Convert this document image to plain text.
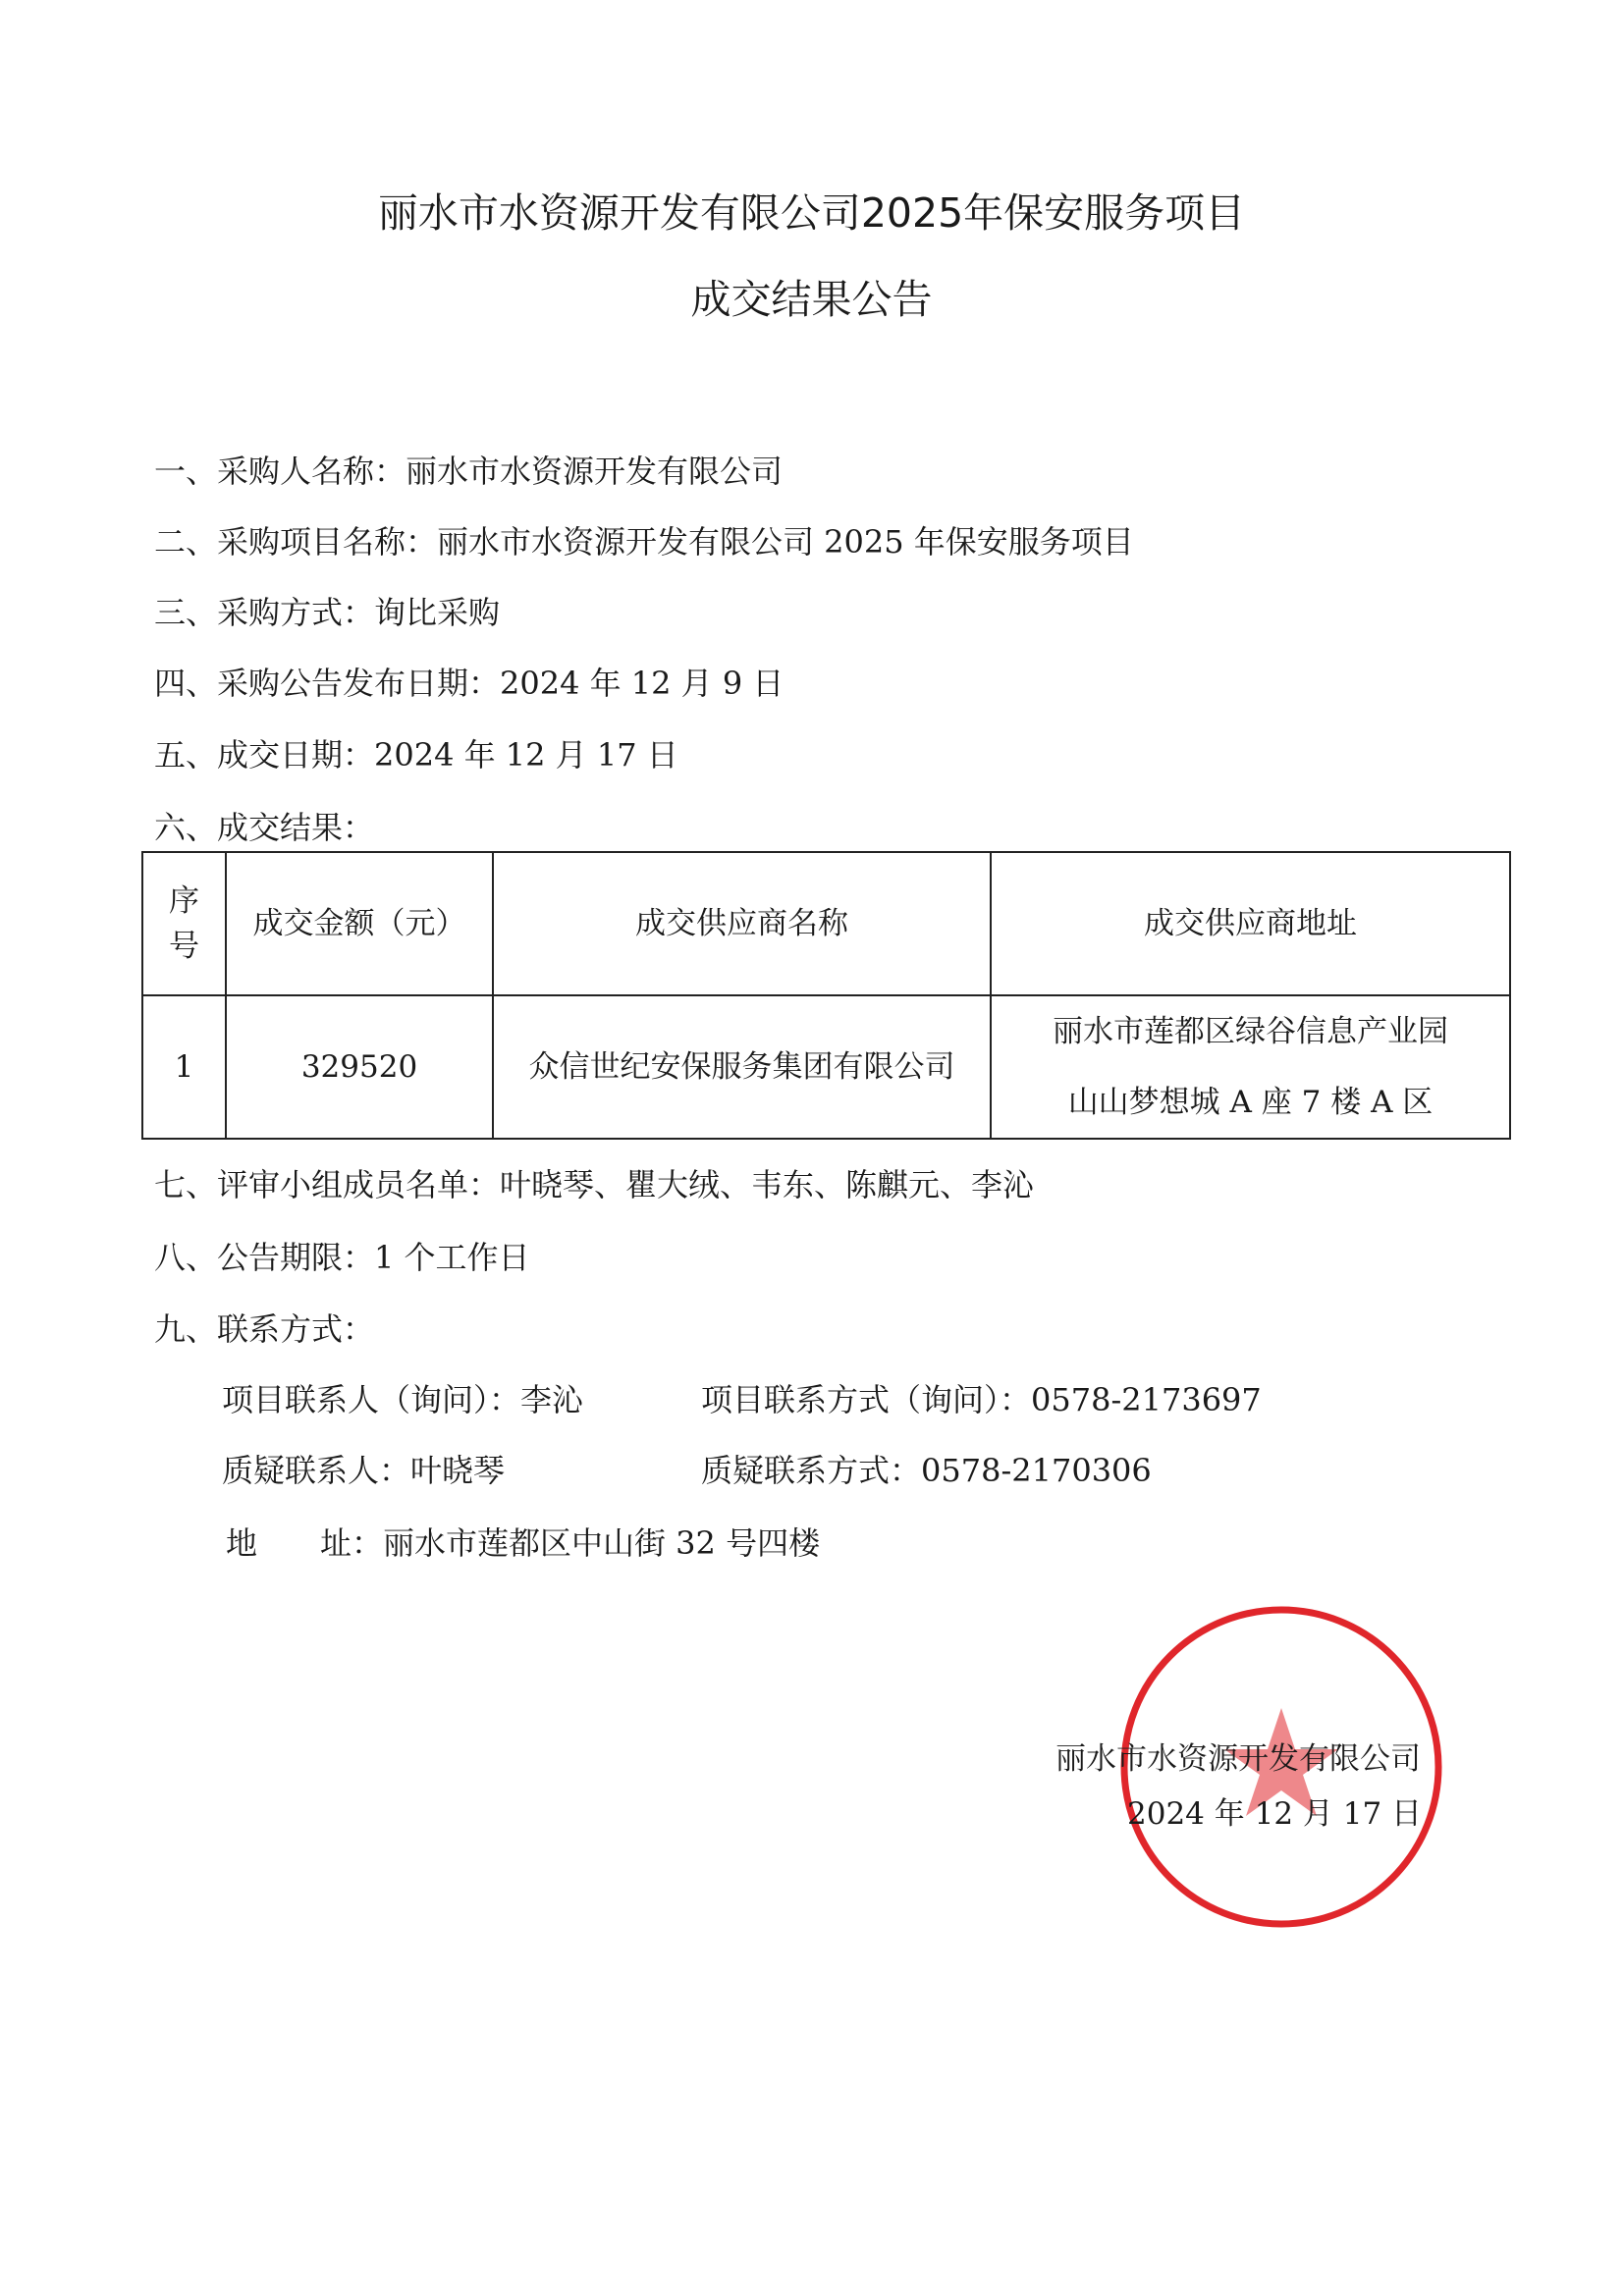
丽水市水资源开发有限公司2025年保安服务项目
成交结果公告
一、采购人名称：丽水市水资源开发有限公司
二、采购项目名称：丽水市水资源开发有限公司 2025 年保安服务项目
三、采购方式：询比采购
四、采购公告发布日期：2024 年 12 月 9 日
五、成交日期：2024 年 12 月 17 日
六、成交结果：
序
号	成交金额（元）	成交供应商名称	成交供应商地址
1	329520	众信世纪安保服务集团有限公司	丽水市莲都区绿谷信息产业园
山山梦想城 A 座 7 楼 A 区
七、评审小组成员名单：叶晓琴、瞿大绒、韦东、陈麒元、李沁
八、公告期限：1 个工作日
九、联系方式：
项目联系人（询问）：李沁	项目联系方式（询问）：0578-2173697
质疑联系人：叶晓琴	质疑联系方式：0578-2170306
地　　址：丽水市莲都区中山街 32 号四楼
丽水市水资源开发有限公司
2024 年 12 月 17 日
